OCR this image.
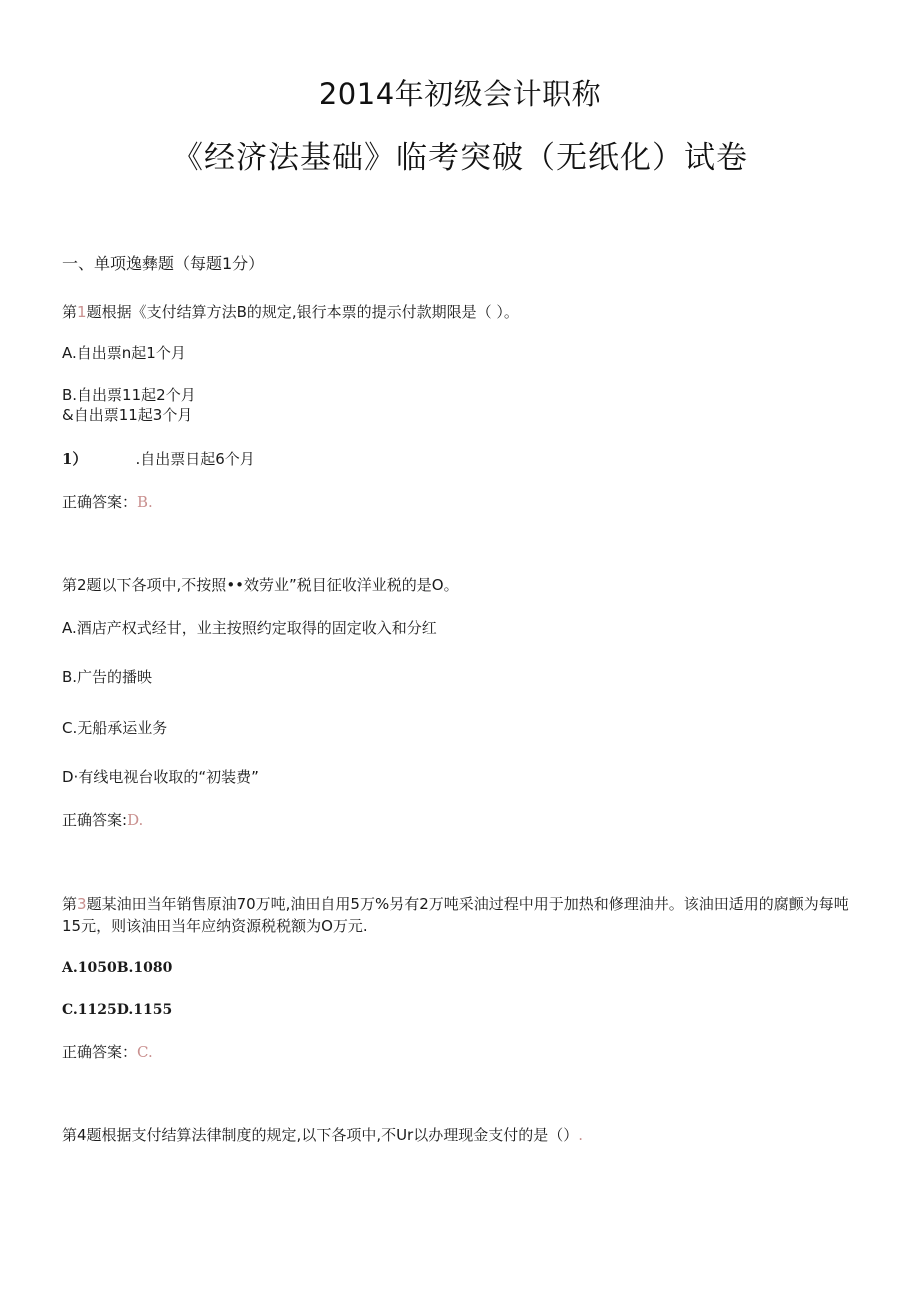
2014年初级会计职称
《经济法基础》临考突破（无纸化）试卷
一、单项逸彝题（每题1分）
第1题根据《支付结算方法B的规定,银行本票的提示付款期限是（ ）。
A.自出票n起1个月
B.自出票11起2个月
&自出票11起3个月
1）	.自出票日起6个月
正确答案：B.
第2题以下各项中,不按照••效劳业”税目征收洋业税的是O。
A.酒店产权式经甘，业主按照约定取得的固定收入和分红
B.广告的播映
C.无船承运业务
D·有线电视台收取的“初装费”
正确答案:D.
第3题某油田当年销售原油70万吨,油田自用5万%另有2万吨采油过程中用于加热和修理油井。该油田适用的腐颤为每吨15元，则该油田当年应纳资源税税额为O万元.
A.1050B.1080
C.1125D.1155
正确答案：C.
第4题根据支付结算法律制度的规定,以下各项中,不Ur以办理现金支付的是（）.
